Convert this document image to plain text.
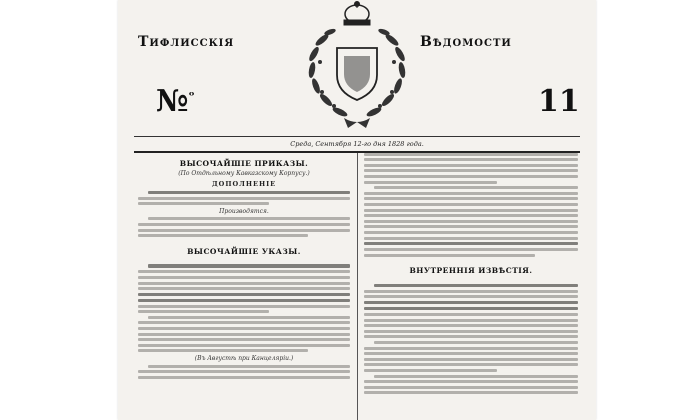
Тифлисскія	Вѣдомости
№$^ᵒ$	11
Среда, Сентября 12-го дня 1828 года.
ВЫСОЧАЙШІЕ ПРИКАЗЫ.
(По Отдѣльному Кавказскому Корпусу.)
ДОПОЛНЕНІЕ
Производятся.
ВЫСОЧАЙШІЕ УКАЗЫ.
(Въ Августѣ при Канцеляріи.)
ВНУТРЕННІЯ ИЗВѢСТІЯ.
